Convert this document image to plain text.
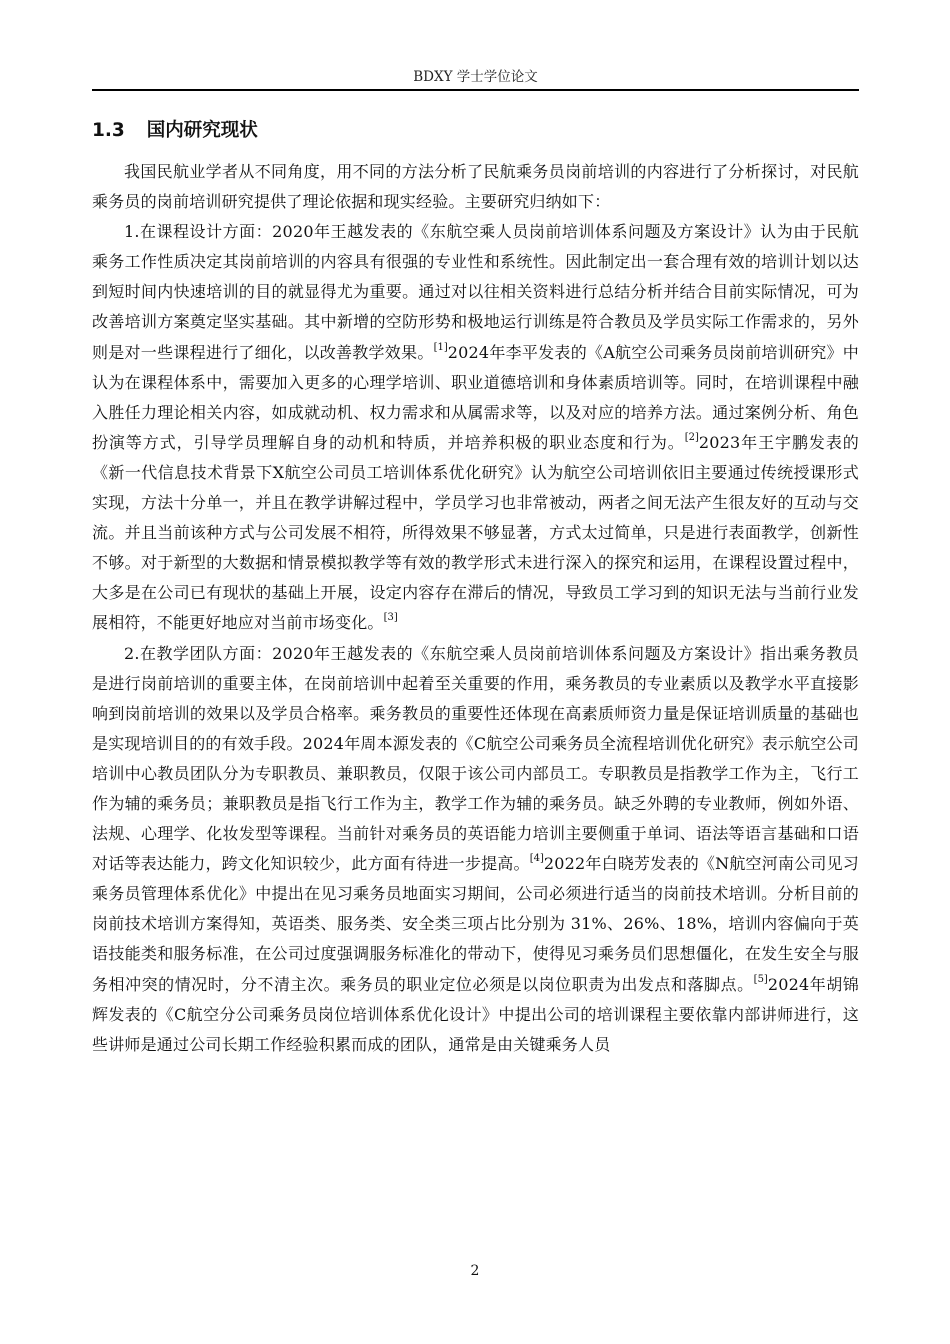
BDXY 学士学位论文
1.3 国内研究现状

我国民航业学者从不同角度，用不同的方法分析了民航乘务员岗前培训的内容进行了分析探讨，对民航乘务员的岗前培训研究提供了理论依据和现实经验。主要研究归纳如下：

1.在课程设计方面：2020年王越发表的《东航空乘人员岗前培训体系问题及方案设计》认为由于民航乘务工作性质决定其岗前培训的内容具有很强的专业性和系统性。因此制定出一套合理有效的培训计划以达到短时间内快速培训的目的就显得尤为重要。通过对以往相关资料进行总结分析并结合目前实际情况，可为改善培训方案奠定坚实基础。其中新增的空防形势和极地运行训练是符合教员及学员实际工作需求的，另外则是对一些课程进行了细化，以改善教学效果。[1]2024年李平发表的《A航空公司乘务员岗前培训研究》中认为在课程体系中，需要加入更多的心理学培训、职业道德培训和身体素质培训等。同时，在培训课程中融入胜任力理论相关内容，如成就动机、权力需求和从属需求等，以及对应的培养方法。通过案例分析、角色扮演等方式，引导学员理解自身的动机和特质，并培养积极的职业态度和行为。[2]2023年王宇鹏发表的《新一代信息技术背景下X航空公司员工培训体系优化研究》认为航空公司培训依旧主要通过传统授课形式实现，方法十分单一，并且在教学讲解过程中，学员学习也非常被动，两者之间无法产生很友好的互动与交流。并且当前该种方式与公司发展不相符，所得效果不够显著，方式太过简单，只是进行表面教学，创新性不够。对于新型的大数据和情景模拟教学等有效的教学形式未进行深入的探究和运用，在课程设置过程中，大多是在公司已有现状的基础上开展，设定内容存在滞后的情况，导致员工学习到的知识无法与当前行业发展相符，不能更好地应对当前市场变化。[3]

2.在教学团队方面：2020年王越发表的《东航空乘人员岗前培训体系问题及方案设计》指出乘务教员是进行岗前培训的重要主体，在岗前培训中起着至关重要的作用，乘务教员的专业素质以及教学水平直接影响到岗前培训的效果以及学员合格率。乘务教员的重要性还体现在高素质师资力量是保证培训质量的基础也是实现培训目的的有效手段。2024年周本源发表的《C航空公司乘务员全流程培训优化研究》表示航空公司培训中心教员团队分为专职教员、兼职教员，仅限于该公司内部员工。专职教员是指教学工作为主，飞行工作为辅的乘务员；兼职教员是指飞行工作为主，教学工作为辅的乘务员。缺乏外聘的专业教师，例如外语、法规、心理学、化妆发型等课程。当前针对乘务员的英语能力培训主要侧重于单词、语法等语言基础和口语对话等表达能力，跨文化知识较少，此方面有待进一步提高。[4]2022年白晓芳发表的《N航空河南公司见习乘务员管理体系优化》中提出在见习乘务员地面实习期间，公司必须进行适当的岗前技术培训。分析目前的岗前技术培训方案得知，英语类、服务类、安全类三项占比分别为 31%、26%、18%，培训内容偏向于英语技能类和服务标准，在公司过度强调服务标准化的带动下，使得见习乘务员们思想僵化，在发生安全与服务相冲突的情况时，分不清主次。乘务员的职业定位必须是以岗位职责为出发点和落脚点。[5]2024年胡锦辉发表的《C航空分公司乘务员岗位培训体系优化设计》中提出公司的培训课程主要依靠内部讲师进行，这些讲师是通过公司长期工作经验积累而成的团队，通常是由关键乘务人员

2
